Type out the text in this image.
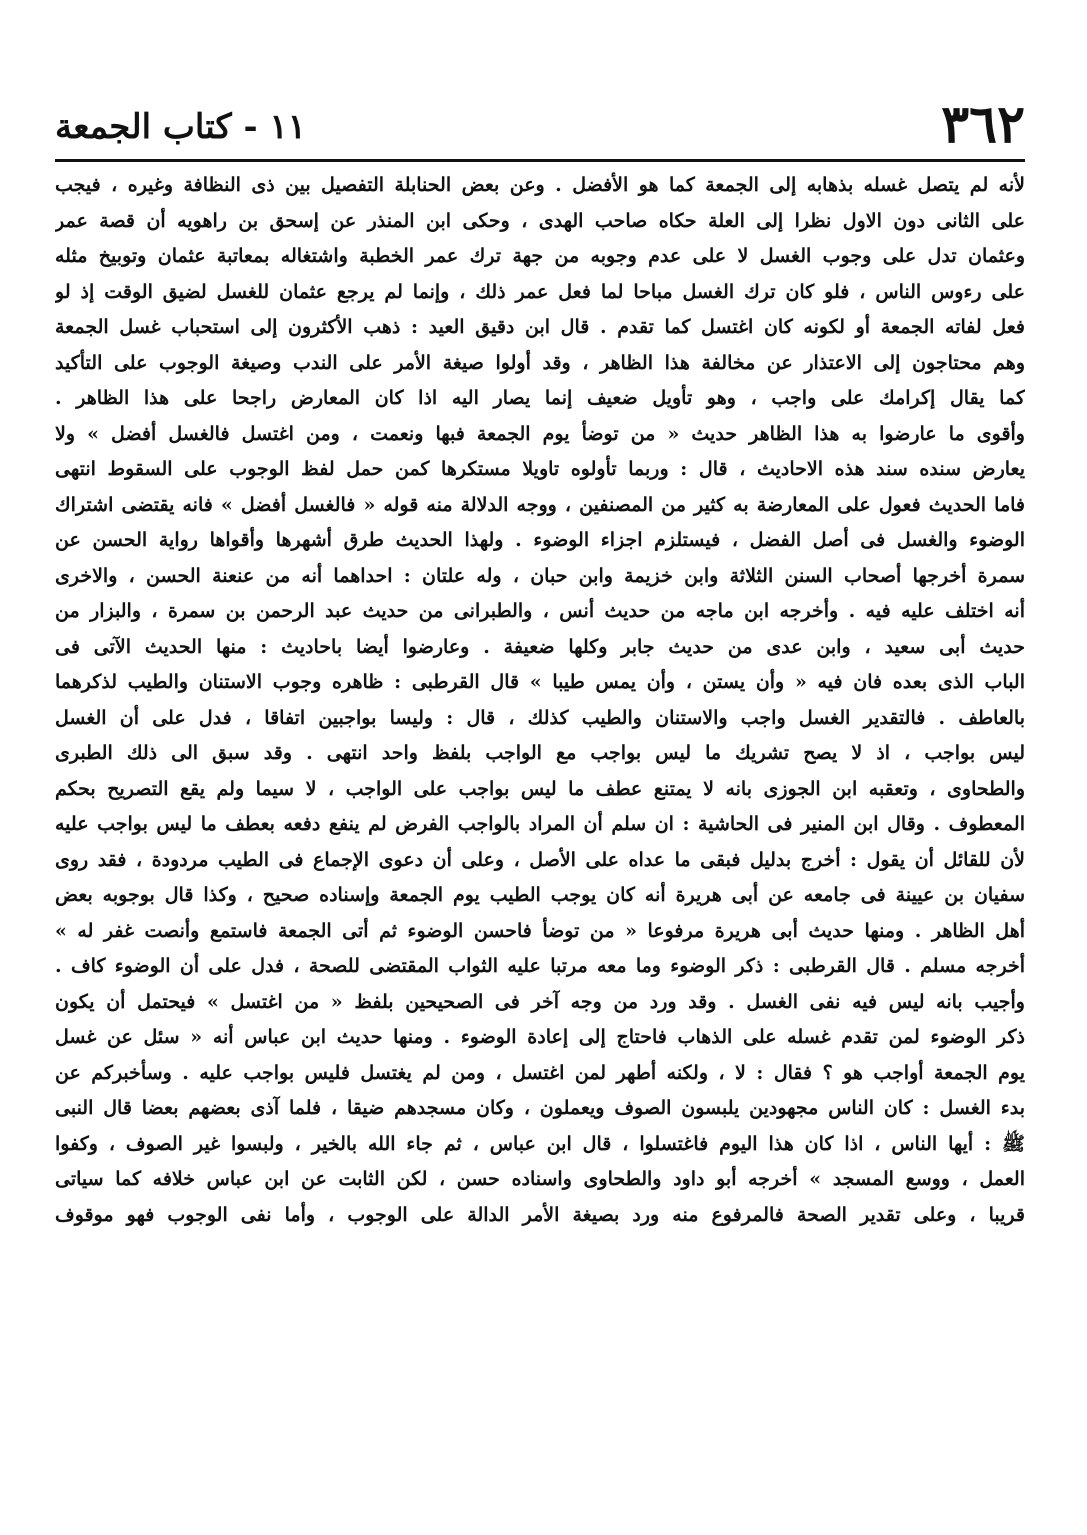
٣٦٢
١١ - كتاب الجمعة
لأنه لم يتصل غسله بذهابه إلى الجمعة كما هو الأفضل . وعن بعض الحنابلة التفصيل بين ذى النظافة وغيره ، فيجب
على الثانى دون الاول نظرا إلى العلة حكاه صاحب الهدى ، وحكى ابن المنذر عن إسحق بن راهويه أن قصة عمر
وعثمان تدل على وجوب الغسل لا على عدم وجوبه من جهة ترك عمر الخطبة واشتغاله بمعاتبة عثمان وتوبيخ مثله
على رءوس الناس ، فلو كان ترك الغسل مباحا لما فعل عمر ذلك ، وإنما لم يرجع عثمان للغسل لضيق الوقت إذ لو
فعل لفاته الجمعة أو لكونه كان اغتسل كما تقدم . قال ابن دقيق العيد : ذهب الأكثرون إلى استحباب غسل الجمعة
وهم محتاجون إلى الاعتذار عن مخالفة هذا الظاهر ، وقد أولوا صيغة الأمر على الندب وصيغة الوجوب على التأكيد
كما يقال إكرامك على واجب ، وهو تأويل ضعيف إنما يصار اليه اذا كان المعارض راجحا على هذا الظاهر .
وأقوى ما عارضوا به هذا الظاهر حديث « من توضأ يوم الجمعة فبها ونعمت ، ومن اغتسل فالغسل أفضل » ولا
يعارض سنده سند هذه الاحاديث ، قال : وربما تأولوه تاويلا مستكرها كمن حمل لفظ الوجوب على السقوط انتهى
فاما الحديث فعول على المعارضة به كثير من المصنفين ، ووجه الدلالة منه قوله « فالغسل أفضل » فانه يقتضى اشتراك
الوضوء والغسل فى أصل الفضل ، فيستلزم اجزاء الوضوء . ولهذا الحديث طرق أشهرها وأقواها رواية الحسن عن
سمرة أخرجها أصحاب السنن الثلاثة وابن خزيمة وابن حبان ، وله علتان : احداهما أنه من عنعنة الحسن ، والاخرى
أنه اختلف عليه فيه . وأخرجه ابن ماجه من حديث أنس ، والطبرانى من حديث عبد الرحمن بن سمرة ، والبزار من
حديث أبى سعيد ، وابن عدى من حديث جابر وكلها ضعيفة . وعارضوا أيضا باحاديث : منها الحديث الآتى فى
الباب الذى بعده فان فيه « وأن يستن ، وأن يمس طيبا » قال القرطبى : ظاهره وجوب الاستنان والطيب لذكرهما
بالعاطف . فالتقدير الغسل واجب والاستنان والطيب كذلك ، قال : وليسا بواجبين اتفاقا ، فدل على أن الغسل
ليس بواجب ، اذ لا يصح تشريك ما ليس بواجب مع الواجب بلفظ واحد انتهى . وقد سبق الى ذلك الطبرى
والطحاوى ، وتعقبه ابن الجوزى بانه لا يمتنع عطف ما ليس بواجب على الواجب ، لا سيما ولم يقع التصريح بحكم
المعطوف . وقال ابن المنير فى الحاشية : ان سلم أن المراد بالواجب الفرض لم ينفع دفعه بعطف ما ليس بواجب عليه
لأن للقائل أن يقول : أخرج بدليل فبقى ما عداه على الأصل ، وعلى أن دعوى الإجماع فى الطيب مردودة ، فقد روى
سفيان بن عيينة فى جامعه عن أبى هريرة أنه كان يوجب الطيب يوم الجمعة وإسناده صحيح ، وكذا قال بوجوبه بعض
أهل الظاهر . ومنها حديث أبى هريرة مرفوعا « من توضأ فاحسن الوضوء ثم أتى الجمعة فاستمع وأنصت غفر له »
أخرجه مسلم . قال القرطبى : ذكر الوضوء وما معه مرتبا عليه الثواب المقتضى للصحة ، فدل على أن الوضوء كاف .
وأجيب بانه ليس فيه نفى الغسل . وقد ورد من وجه آخر فى الصحيحين بلفظ « من اغتسل » فيحتمل أن يكون
ذكر الوضوء لمن تقدم غسله على الذهاب فاحتاج إلى إعادة الوضوء . ومنها حديث ابن عباس أنه « سئل عن غسل
يوم الجمعة أواجب هو ؟ فقال : لا ، ولكنه أطهر لمن اغتسل ، ومن لم يغتسل فليس بواجب عليه . وسأخبركم عن
بدء الغسل : كان الناس مجهودين يلبسون الصوف ويعملون ، وكان مسجدهم ضيقا ، فلما آذى بعضهم بعضا قال النبى
ﷺ : أيها الناس ، اذا كان هذا اليوم فاغتسلوا ، قال ابن عباس ، ثم جاء الله بالخير ، ولبسوا غير الصوف ، وكفوا
العمل ، ووسع المسجد » أخرجه أبو داود والطحاوى واسناده حسن ، لكن الثابت عن ابن عباس خلافه كما سياتى
قريبا ، وعلى تقدير الصحة فالمرفوع منه ورد بصيغة الأمر الدالة على الوجوب ، وأما نفى الوجوب فهو موقوف
